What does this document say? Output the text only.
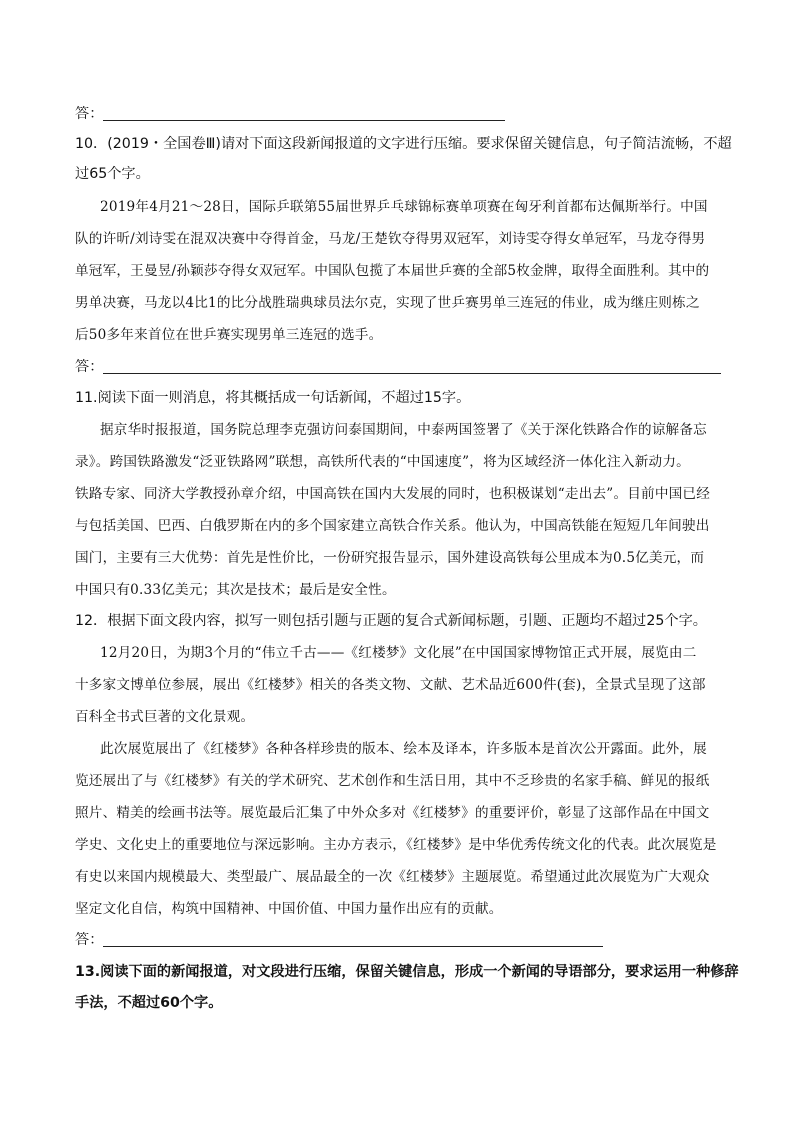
答：
10．(2019・全国卷Ⅲ)请对下面这段新闻报道的文字进行压缩。要求保留关键信息，句子简洁流畅，不超
过65个字。
2019年4月21～28日，国际乒联第55届世界乒乓球锦标赛单项赛在匈牙利首都布达佩斯举行。中国
队的许昕/刘诗雯在混双决赛中夺得首金，马龙/王楚钦夺得男双冠军，刘诗雯夺得女单冠军，马龙夺得男
单冠军，王曼昱/孙颖莎夺得女双冠军。中国队包揽了本届世乒赛的全部5枚金牌，取得全面胜利。其中的
男单决赛，马龙以4比1的比分战胜瑞典球员法尔克，实现了世乒赛男单三连冠的伟业，成为继庄则栋之
后50多年来首位在世乒赛实现男单三连冠的选手。
答：
11.阅读下面一则消息，将其概括成一句话新闻，不超过15字。
据京华时报报道，国务院总理李克强访问泰国期间，中泰两国签署了《关于深化铁路合作的谅解备忘
录》。跨国铁路激发“泛亚铁路网”联想，高铁所代表的“中国速度”，将为区域经济一体化注入新动力。
铁路专家、同济大学教授孙章介绍，中国高铁在国内大发展的同时，也积极谋划“走出去”。目前中国已经
与包括美国、巴西、白俄罗斯在内的多个国家建立高铁合作关系。他认为，中国高铁能在短短几年间驶出
国门，主要有三大优势：首先是性价比，一份研究报告显示，国外建设高铁每公里成本为0.5亿美元，而
中国只有0.33亿美元；其次是技术；最后是安全性。
12．根据下面文段内容，拟写一则包括引题与正题的复合式新闻标题，引题、正题均不超过25个字。
12月20日，为期3个月的“伟立千古——《红楼梦》文化展”在中国国家博物馆正式开展，展览由二
十多家文博单位参展，展出《红楼梦》相关的各类文物、文献、艺术品近600件(套)，全景式呈现了这部
百科全书式巨著的文化景观。
此次展览展出了《红楼梦》各种各样珍贵的版本、绘本及译本，许多版本是首次公开露面。此外，展
览还展出了与《红楼梦》有关的学术研究、艺术创作和生活日用，其中不乏珍贵的名家手稿、鲜见的报纸
照片、精美的绘画书法等。展览最后汇集了中外众多对《红楼梦》的重要评价，彰显了这部作品在中国文
学史、文化史上的重要地位与深远影响。主办方表示，《红楼梦》是中华优秀传统文化的代表。此次展览是
有史以来国内规模最大、类型最广、展品最全的一次《红楼梦》主题展览。希望通过此次展览为广大观众
坚定文化自信，构筑中国精神、中国价值、中国力量作出应有的贡献。
答：
13.阅读下面的新闻报道，对文段进行压缩，保留关键信息，形成一个新闻的导语部分，要求运用一种修辞
手法，不超过60个字。
